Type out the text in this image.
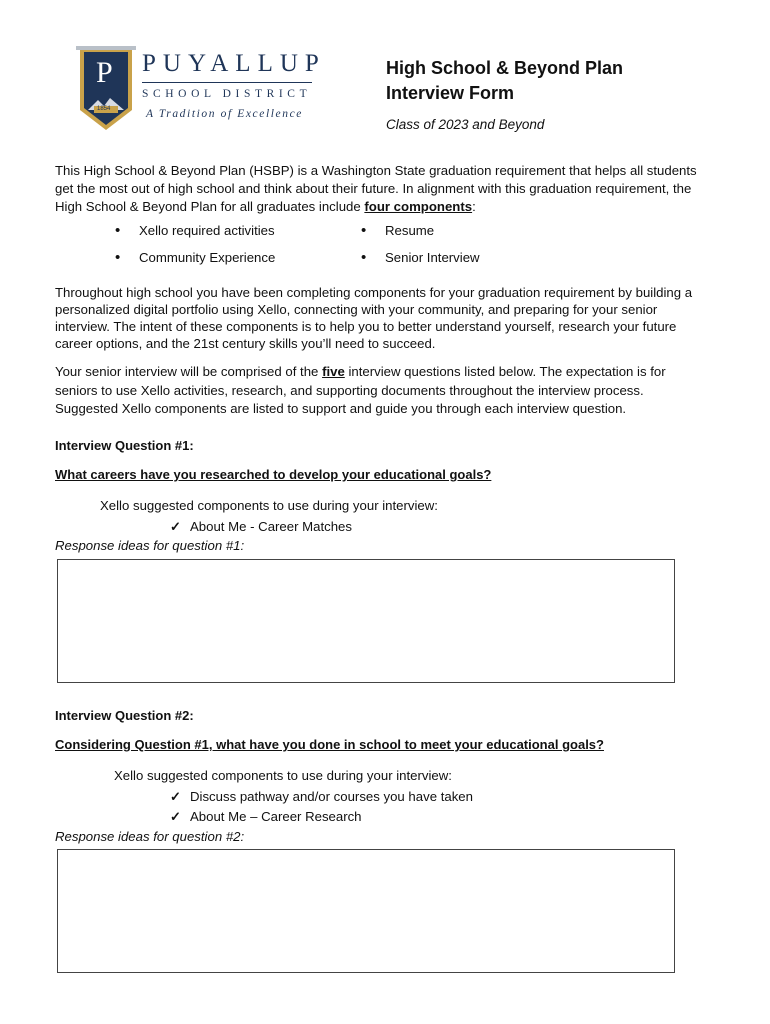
P
1854
PUYALLUP
SCHOOL DISTRICT
A Tradition of Excellence
High School & Beyond Plan
Interview Form
Class of 2023 and Beyond
This High School & Beyond Plan (HSBP) is a Washington State graduation requirement that helps all students get the most out of high school and think about their future. In alignment with this graduation requirement, the High School & Beyond Plan for all graduates include four components:
• Xello required activities	• Resume
• Community Experience	• Senior Interview
Throughout high school you have been completing components for your graduation requirement by building a personalized digital portfolio using Xello, connecting with your community, and preparing for your senior interview. The intent of these components is to help you to better understand yourself, research your future career options, and the 21st century skills you’ll need to succeed.
Your senior interview will be comprised of the five interview questions listed below. The expectation is for seniors to use Xello activities, research, and supporting documents throughout the interview process. Suggested Xello components are listed to support and guide you through each interview question.
Interview Question #1:
What careers have you researched to develop your educational goals?
Xello suggested components to use during your interview:
✓ About Me - Career Matches
Response ideas for question #1:
Interview Question #2:
Considering Question #1, what have you done in school to meet your educational goals?
Xello suggested components to use during your interview:
✓ Discuss pathway and/or courses you have taken
✓ About Me – Career Research
Response ideas for question #2:
